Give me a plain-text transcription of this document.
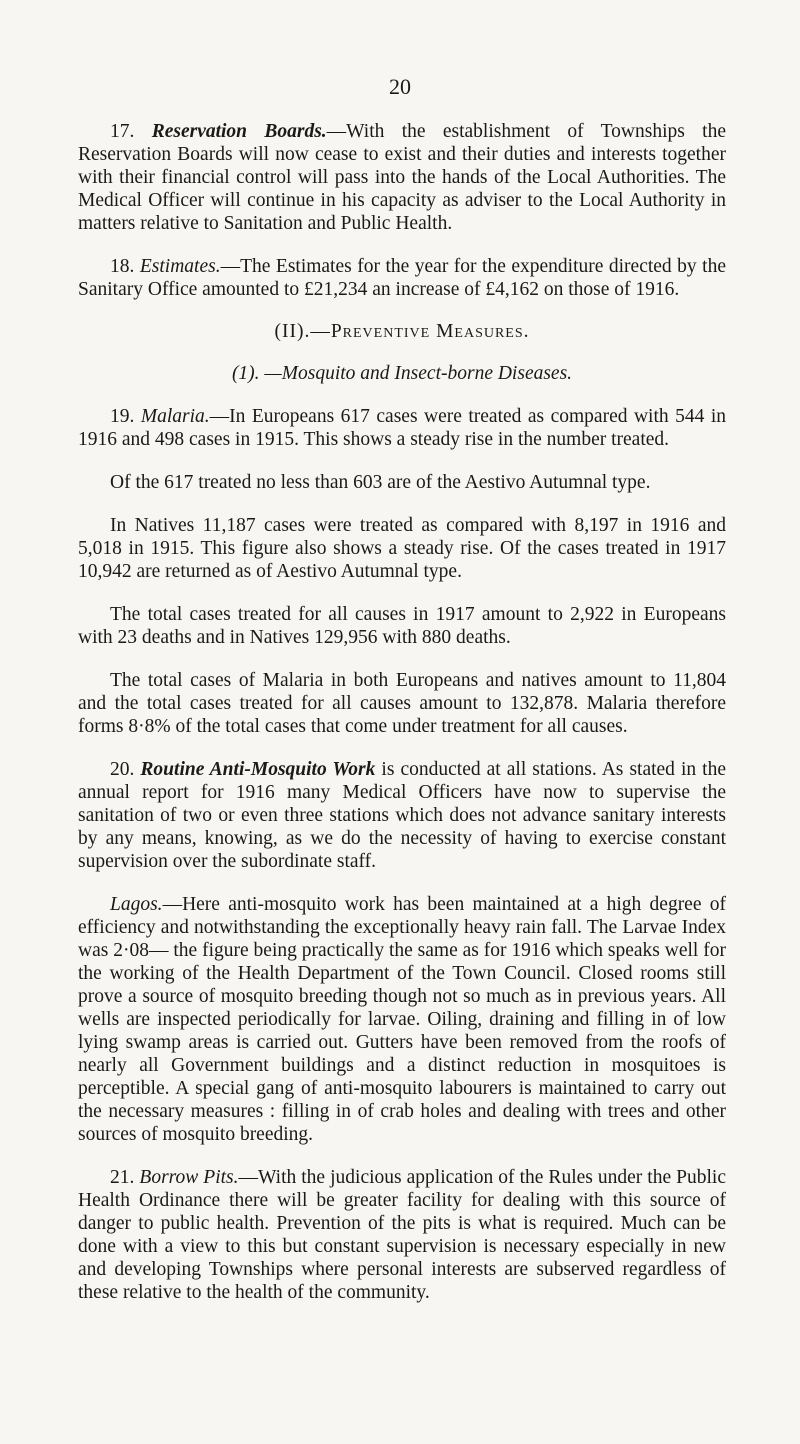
20

17. Reservation Boards.—With the establishment of Townships the Reservation Boards will now cease to exist and their duties and interests together with their financial control will pass into the hands of the Local Authorities. The Medical Officer will continue in his capacity as adviser to the Local Authority in matters relative to Sanitation and Public Health.

18. Estimates.—The Estimates for the year for the expenditure directed by the Sanitary Office amounted to £21,234 an increase of £4,162 on those of 1916.

(II).—Preventive Measures.
(1). —Mosquito and Insect-borne Diseases.

19. Malaria.—In Europeans 617 cases were treated as compared with 544 in 1916 and 498 cases in 1915. This shows a steady rise in the number treated.

Of the 617 treated no less than 603 are of the Aestivo Autumnal type.

In Natives 11,187 cases were treated as compared with 8,197 in 1916 and 5,018 in 1915. This figure also shows a steady rise. Of the cases treated in 1917 10,942 are returned as of Aestivo Autumnal type.

The total cases treated for all causes in 1917 amount to 2,922 in Europeans with 23 deaths and in Natives 129,956 with 880 deaths.

The total cases of Malaria in both Europeans and natives amount to 11,804 and the total cases treated for all causes amount to 132,878. Malaria therefore forms 8·8% of the total cases that come under treatment for all causes.

20. Routine Anti-Mosquito Work is conducted at all stations. As stated in the annual report for 1916 many Medical Officers have now to supervise the sanitation of two or even three stations which does not advance sanitary interests by any means, knowing, as we do the necessity of having to exercise constant supervision over the subordinate staff.

Lagos.—Here anti-mosquito work has been maintained at a high degree of efficiency and notwithstanding the exceptionally heavy rain fall. The Larvae Index was 2·08— the figure being practically the same as for 1916 which speaks well for the working of the Health Department of the Town Council. Closed rooms still prove a source of mosquito breeding though not so much as in previous years. All wells are inspected periodically for larvae. Oiling, draining and filling in of low lying swamp areas is carried out. Gutters have been removed from the roofs of nearly all Government buildings and a distinct reduction in mosquitoes is perceptible. A special gang of anti-mosquito labourers is maintained to carry out the necessary measures : filling in of crab holes and dealing with trees and other sources of mosquito breeding.

21. Borrow Pits.—With the judicious application of the Rules under the Public Health Ordinance there will be greater facility for dealing with this source of danger to public health. Prevention of the pits is what is required. Much can be done with a view to this but constant supervision is necessary especially in new and developing Townships where personal interests are subserved regardless of these relative to the health of the community.
